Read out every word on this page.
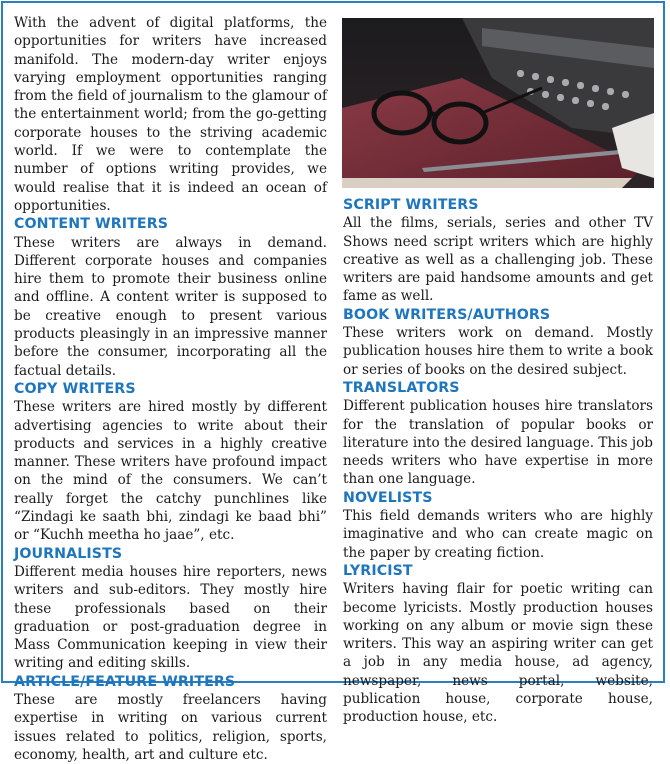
With the advent of digital platforms, the opportunities for writers have increased manifold. The modern-day writer enjoys varying employment opportunities ranging from the field of journalism to the glamour of the entertainment world; from the go-getting corporate houses to the striving academic world. If we were to contemplate the number of options writing provides, we would realise that it is indeed an ocean of opportunities.

CONTENT WRITERS

These writers are always in demand. Different corporate houses and companies hire them to promote their business online and offline. A content writer is supposed to be creative enough to present various products pleasingly in an impressive manner before the consumer, incorporating all the factual details.

COPY WRITERS

These writers are hired mostly by different advertising agencies to write about their products and services in a highly creative manner. These writers have profound impact on the mind of the consumers. We can’t really forget the catchy punchlines like “Zindagi ke saath bhi, zindagi ke baad bhi” or “Kuchh meetha ho jaae”, etc.

JOURNALISTS

Different media houses hire reporters, news writers and sub-editors. They mostly hire these professionals based on their graduation or post-graduation degree in Mass Communication keeping in view their writing and editing skills.

ARTICLE/FEATURE WRITERS

These are mostly freelancers having expertise in writing on various current issues related to politics, religion, sports, economy, health, art and culture etc.

SCRIPT WRITERS

All the films, serials, series and other TV Shows need script writers which are highly creative as well as a challenging job. These writers are paid handsome amounts and get fame as well.

BOOK WRITERS/AUTHORS

These writers work on demand. Mostly publication houses hire them to write a book or series of books on the desired subject.

TRANSLATORS

Different publication houses hire translators for the translation of popular books or literature into the desired language. This job needs writers who have expertise in more than one language.

NOVELISTS

This field demands writers who are highly imaginative and who can create magic on the paper by creating fiction.

LYRICIST

Writers having flair for poetic writing can become lyricists. Mostly production houses working on any album or movie sign these writers. This way an aspiring writer can get a job in any media house, ad agency, newspaper, news portal, website, publication house, corporate house, production house, etc.
